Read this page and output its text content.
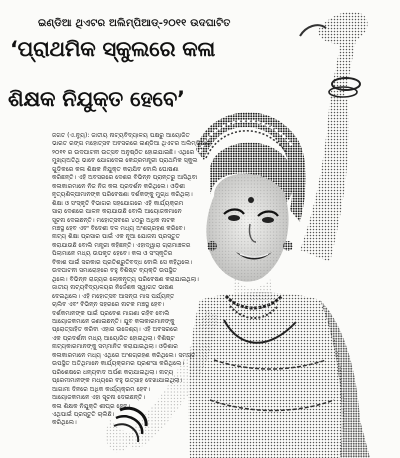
ଇଣ୍ଡିଆ ଥିଏଟର ଅଲିମ୍ପିଆଡ୍‌-୨୦୧୧ ଉଦଘାଟିତ
‘ପ୍ରାଥମିକ ସ୍କୁଲରେ କଳା
ଶିକ୍ଷକ ନିଯୁକ୍ତ ହେବେ’

ଜଗତ (ଏ.ନ୍ୟୁ): ଜାତୀୟ ନାଟ୍ୟବିଦ୍ୟାଳୟ ପକ୍ଷରୁ ଆୟୋଜିତ

ଭାରତ ରଙ୍ଗ ମହୋତ୍ସବ ଅବସରରେ ଇଣ୍ଡିଆ ଥିଏଟର ଅଲିମ୍ପିଆଡ୍‌-

୨୦୧୧ ର ଉଦଘାଟନୀ ଉତ୍ସବ ଅନୁଷ୍ଠିତ ହୋଇଯାଇଛି। ଏଥିରେ

ମୁଖ୍ୟଅତିଥି ଭାବେ ଯୋଗଦେଇ କେନ୍ଦ୍ରମନ୍ତ୍ରୀ ପ୍ରାଥମିକ ସ୍କୁଲ

ଗୁଡ଼ିକରେ କଳା ଶିକ୍ଷକ ନିଯୁକ୍ତ କରାଯିବ ବୋଲି ଘୋଷଣା

କରିଛନ୍ତି। ଏହି ଅବସରରେ ଦେଶର ବିଭିନ୍ନ ପ୍ରାନ୍ତରୁ ଆସିଥିବା

କଳାକାରମାନେ ନିଜ ନିଜ କଳା ପ୍ରଦର୍ଶନ କରିଥିଲେ। ଓଡ଼ିଶୀ

ନୃତ୍ୟଶିଳ୍ପୀମାନଙ୍କ ପରିବେଷଣା ଦର୍ଶକଙ୍କୁ ମୁଗ୍ଧ କରିଥିଲା।

ଶିକ୍ଷା ଓ ସଂସ୍କୃତି ବିଭାଗର ସହଯୋଗରେ ଏହି କାର୍ଯ୍ୟକ୍ରମ

ସାରା ଦେଶରେ ପାଳନ କରାଯାଉଛି ବୋଲି ଆୟୋଜକମାନେ

ସୂଚନା ଦେଇଛନ୍ତି। ମହୋତ୍ସବରେ ୪୦ରୁ ଅଧିକ ନାଟକ

ମଞ୍ଚସ୍ଥ ହେବ ଏବଂ ବିଦେଶୀ ଦଳ ମଧ୍ୟ ଅଂଶଗ୍ରହଣ କରିବେ।

ନାଟ୍ୟ ଶିକ୍ଷା ପ୍ରସାର ପାଇଁ ଏକ ନୂଆ ଯୋଜନା ପ୍ରସ୍ତୁତ

କରାଯାଉଛି ବୋଲି ମନ୍ତ୍ରୀ କହିଛନ୍ତି। ଏହାଦ୍ୱାରା ଗ୍ରାମାଞ୍ଚଳର

ପିଲାମାନେ ମଧ୍ୟ ଉପକୃତ ହେବେ। କଳା ଓ ସଂସ୍କୃତିର

ବିକାଶ ପାଇଁ ସରକାର ପ୍ରତିଶ୍ରୁତିବଦ୍ଧ ବୋଲି ସେ କହିଥିଲେ।

ଉଦଘାଟନୀ ସମାରୋହରେ ବହୁ ବିଶିଷ୍ଟ ବ୍ୟକ୍ତି ଉପସ୍ଥିତ

ଥିଲେ। ବିଭିନ୍ନ ରାଜ୍ୟର ଲୋକନୃତ୍ୟ ପରିବେଷଣ କରାଯାଇଥିଲା।

ଜାତୀୟ ନାଟ୍ୟବିଦ୍ୟାଳୟର ନିର୍ଦ୍ଦେଶକ ସ୍ୱାଗତ ଭାଷଣ

ଦେଇଥିଲେ। ଏହି ମହୋତ୍ସବ ଆସନ୍ତା ମାସ ପର୍ଯ୍ୟନ୍ତ

ଚାଲିବ ଏବଂ ବିଭିନ୍ନ ସହରରେ ନାଟକ ମଞ୍ଚସ୍ଥ ହେବ।

ଦର୍ଶକମାନଙ୍କ ପାଇଁ ପ୍ରବେଶ ମାଗଣା ରହିବ ବୋଲି

ଆୟୋଜକମାନେ ଜଣାଇଛନ୍ତି। ଯୁବ କଳାକାରମାନଙ୍କୁ

ପ୍ରୋତ୍ସାହିତ କରିବା ଏହାର ଉଦ୍ଦେଶ୍ୟ। ଏହି ଅବସରରେ

ଏକ ପ୍ରଦର୍ଶନୀ ମଧ୍ୟ ଆୟୋଜିତ ହୋଇଥିଲା। ବିଶିଷ୍ଟ

ନାଟ୍ୟକାରମାନଙ୍କୁ ସମ୍ମାନିତ କରାଯାଇଥିଲା। ଓଡ଼ିଶାର

କଳାକାରମାନେ ମଧ୍ୟ ଏଥିରେ ଅଂଶଗ୍ରହଣ କରିଥିଲେ। ସମସ୍ତ

ଉପସ୍ଥିତ ଅତିଥିମାନେ କାର୍ଯ୍ୟକ୍ରମର ପ୍ରଶଂସା କରିଥିଲେ।

ପରିଶେଷରେ ଧନ୍ୟବାଦ ଅର୍ପଣ କରାଯାଇଥିଲା। ନାଟ୍ୟ

ପ୍ରେମୀମାନଙ୍କ ମଧ୍ୟରେ ବହୁ ଉତ୍ସାହ ଦେଖାଯାଇଥିଲା।

ଆଗାମୀ ଦିନରେ ଅଧିକ କାର୍ଯ୍ୟକ୍ରମ ହେବ।

ଆୟୋଜକମାନେ ଏହା ସୂଚନା ଦେଇଛନ୍ତି।

କଳା ଶିକ୍ଷକ ନିଯୁକ୍ତି ଶୀଘ୍ର ହେବ।

ଏଥିପାଇଁ ପ୍ରସ୍ତୁତି ଚାଲିଛି।

କରିଥିଲେ।
